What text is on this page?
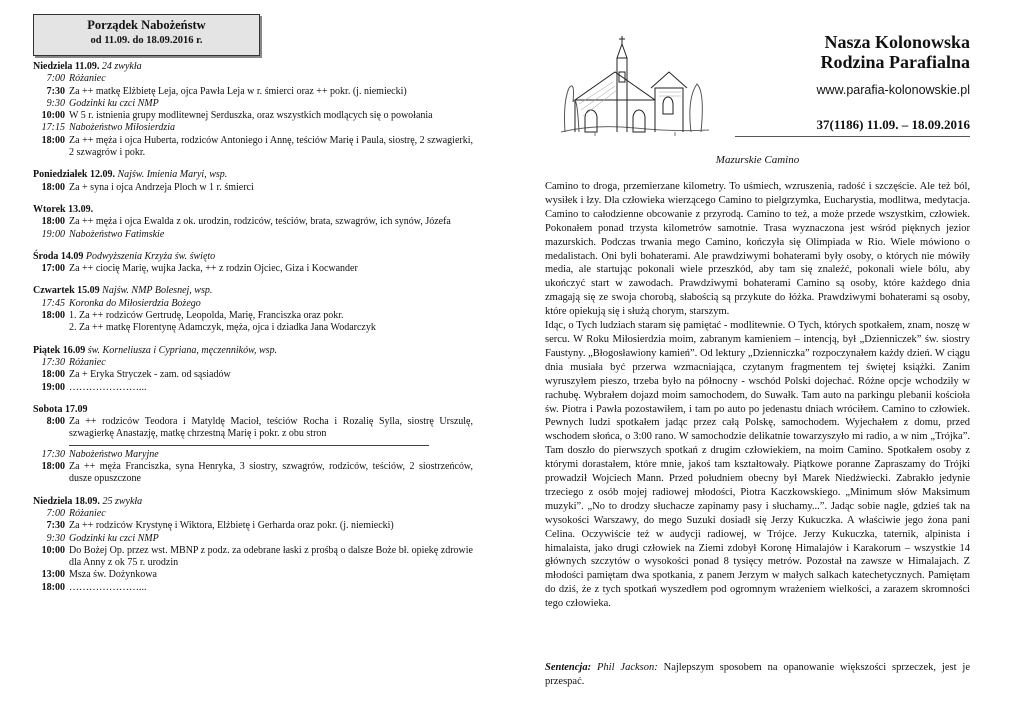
Porządek Nabożeństw
od 11.09. do 18.09.2016 r.
Niedziela 11.09. 24 zwykła
7:00 Różaniec
7:30 Za ++ matkę Elżbietę Leja, ojca Pawła Leja w r. śmierci oraz ++ pokr. (j. niemiecki)
9:30 Godzinki ku czci NMP
10:00 W 5 r. istnienia grupy modlitewnej Serduszka, oraz wszystkich modlących się o powołania
17:15 Nabożeństwo Miłosierdzia
18:00 Za ++ męża i ojca Huberta, rodziców Antoniego i Annę, teściów Marię i Paula, siostrę, 2 szwagierki, 2 szwagrów i pokr.
Poniedziałek 12.09. Najśw. Imienia Maryi, wsp.
18:00 Za + syna i ojca Andrzeja Ploch w 1 r. śmierci
Wtorek 13.09.
18:00 Za ++ męża i ojca Ewalda z ok. urodzin, rodziców, teściów, brata, szwagrów, ich synów, Józefa
19:00 Nabożeństwo Fatimskie
Środa 14.09 Podwyższenia Krzyża św. święto
17:00 Za ++ ciocię Marię, wujka Jacka, ++ z rodzin Ojciec, Giza i Kocwander
Czwartek 15.09 Najśw. NMP Bolesnej, wsp.
17:45 Koronka do Miłosierdzia Bożego
18:00 1. Za ++ rodziców Gertrudę, Leopolda, Marię, Franciszka oraz pokr.
2. Za ++ matkę Florentynę Adamczyk, męża, ojca i dziadka Jana Wodarczyk
Piątek 16.09 św. Korneliusza i Cypriana, męczenników, wsp.
17:30 Różaniec
18:00 Za + Eryka Stryczek - zam. od sąsiadów
19:00 …………………...
Sobota 17.09
8:00 Za ++ rodziców Teodora i Matyldę Macioł, teściów Rocha i Rozalię Sylla, siostrę Urszulę, szwagierkę Anastazję, matkę chrzestną Marię i pokr. z obu stron
17:30 Nabożeństwo Maryjne
18:00 Za ++ męża Franciszka, syna Henryka, 3 siostry, szwagrów, rodziców, teściów, 2 siostrzeńców, dusze opuszczone
Niedziela 18.09. 25 zwykła
7:00 Różaniec
7:30 Za ++ rodziców Krystynę i Wiktora, Elżbietę i Gerharda oraz pokr. (j. niemiecki)
9:30 Godzinki ku czci NMP
10:00 Do Bożej Op. przez wst. MBNP z podz. za odebrane łaski z prośbą o dalsze Boże bł. opiekę zdrowie dla Anny z ok 75 r. urodzin
13:00 Msza św. Dożynkowa
18:00 …………………...
Nasza Kolonowska
Rodzina Parafialna
www.parafia-kolonowskie.pl
37(1186) 11.09. – 18.09.2016
Mazurskie Camino

Camino to droga, przemierzane kilometry. To uśmiech, wzruszenia, radość i szczęście. Ale też ból, wysiłek i łzy. Dla człowieka wierzącego Camino to pielgrzymka, Eucharystia, modlitwa, medytacja. Camino to całodzienne obcowanie z przyrodą. Camino to też, a może przede wszystkim, człowiek. Pokonałem ponad trzysta kilometrów samotnie. Trasa wyznaczona jest wśród pięknych jezior mazurskich. Podczas trwania mego Camino, kończyła się Olimpiada w Rio. Wiele mówiono o medalistach. Oni byli bohaterami. Ale prawdziwymi bohaterami były osoby, o których nie mówiły media, ale startując pokonali wiele przeszkód, aby tam się znaleźć, pokonali wiele bólu, aby ukończyć start w zawodach. Prawdziwymi bohaterami Camino są osoby, które każdego dnia zmagają się ze swoja chorobą, słabością są przykute do łóżka. Prawdziwymi bohaterami są osoby, które opiekują się i służą chorym, starszym.

Idąc, o Tych ludziach staram się pamiętać - modlitewnie. O Tych, których spotkałem, znam, noszę w sercu. W Roku Miłosierdzia moim, zabranym kamieniem – intencją, był „Dzienniczek” św. siostry Faustyny. „Błogosławiony kamień”. Od lektury „Dzienniczka” rozpoczynałem każdy dzień. W ciągu dnia musiała być przerwa wzmacniająca, czytanym fragmentem tej świętej książki. Zanim wyruszyłem pieszo, trzeba było na północny - wschód Polski dojechać. Różne opcje wchodziły w rachubę. Wybrałem dojazd moim samochodem, do Suwałk. Tam auto na parkingu plebanii kościoła św. Piotra i Pawła pozostawiłem, i tam po auto po jedenastu dniach wróciłem. Camino to człowiek. Pewnych ludzi spotkałem jadąc przez całą Polskę, samochodem. Wyjechałem z domu, przed wschodem słońca, o 3:00 rano. W samochodzie delikatnie towarzyszyło mi radio, a w nim „Trójka”. Tam doszło do pierwszych spotkań z drugim człowiekiem, na moim Camino. Spotkałem osoby z którymi dorastałem, które mnie, jakoś tam kształtowały. Piątkowe poranne Zapraszamy do Trójki prowadził Wojciech Mann. Przed południem obecny był Marek Niedźwiecki. Zabrakło jedynie trzeciego z osób mojej radiowej młodości, Piotra Kaczkowskiego. „Minimum słów Maksimum muzyki”. „No to drodzy słuchacze zapinamy pasy i słuchamy...”. Jadąc sobie nagle, gdzieś tak na wysokości Warszawy, do mego Suzuki dosiadł się Jerzy Kukuczka. A właściwie jego żona pani Celina. Oczywiście też w audycji radiowej, w Trójce. Jerzy Kukuczka, taternik, alpinista i himalaista, jako drugi człowiek na Ziemi zdobył Koronę Himalajów i Karakorum – wszystkie 14 głównych szczytów o wysokości ponad 8 tysięcy metrów. Pozostał na zawsze w Himalajach. Z młodości pamiętam dwa spotkania, z panem Jerzym w małych salkach katechetycznych. Pamiętam do dziś, że z tych spotkań wyszedłem pod ogromnym wrażeniem wielkości, a zarazem skromności tego człowieka.

Sentencja: Phil Jackson: Najlepszym sposobem na opanowanie większości sprzeczek, jest je przespać.
